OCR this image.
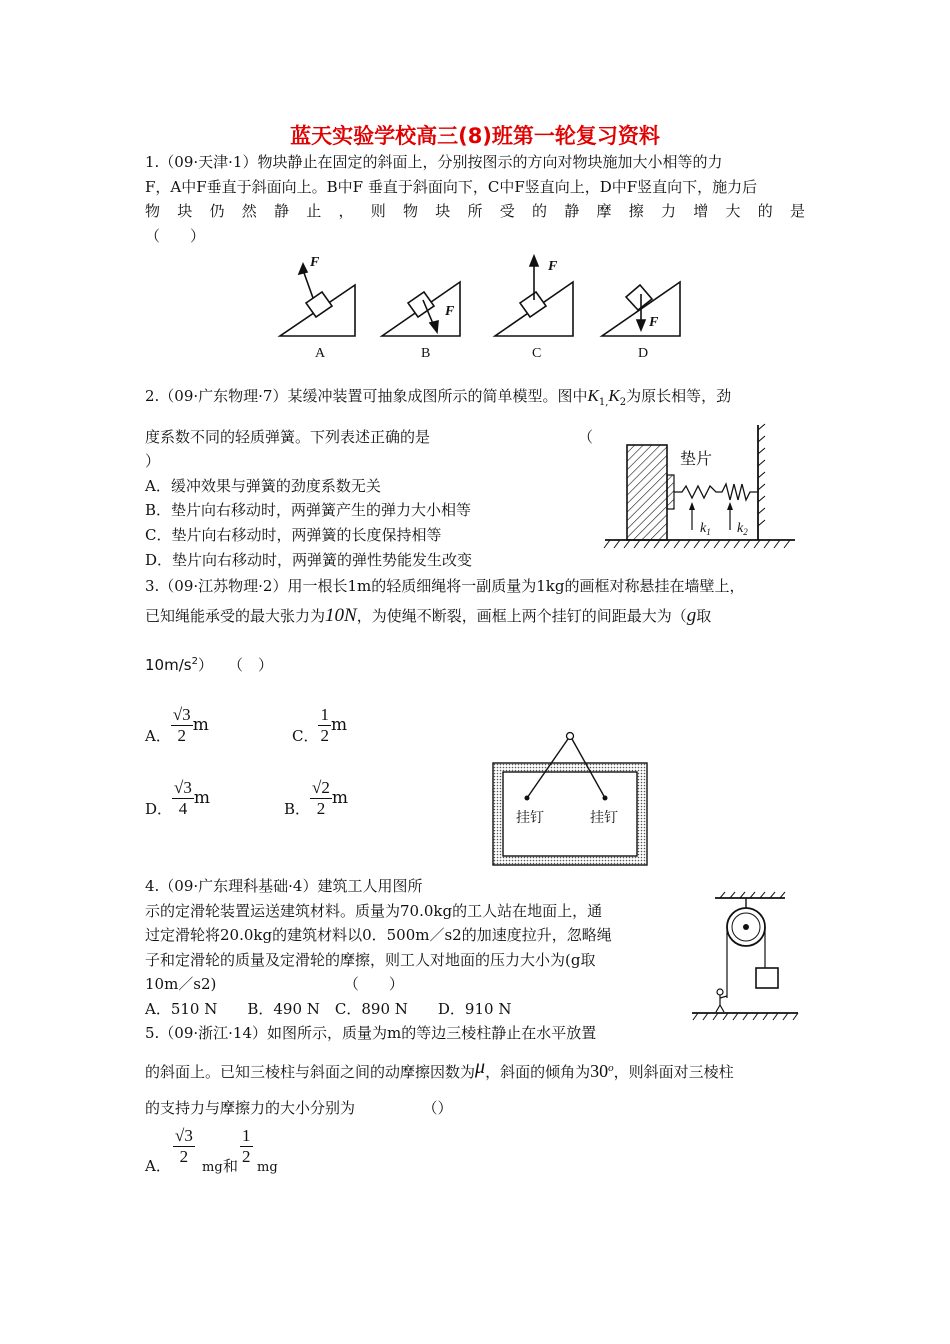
蓝天实验学校高三(8)班第一轮复习资料
1.（09·天津·1）物块静止在固定的斜面上，分别按图示的方向对物块施加大小相等的力
F，A中F垂直于斜面向上。B中F 垂直于斜面向下，C中F竖直向上，D中F竖直向下，施力后
物 块 仍 然 静 止 ， 则 物 块 所 受 的 静 摩 擦 力 增 大 的 是
（　　）
F
F
F
F
A	B	C	D
2.（09·广东物理·7）某缓冲装置可抽象成图所示的简单模型。图中$K_{1,}K_2$为原长相等，劲
度系数不同的轻质弹簧。下列表述正确的是	（
）
A．缓冲效果与弹簧的劲度系数无关
B．垫片向右移动时，两弹簧产生的弹力大小相等
C．垫片向右移动时，两弹簧的长度保持相等
D．垫片向右移动时，两弹簧的弹性势能发生改变
垫片
$k_1$ $k_2$
3.（09·江苏物理·2）用一根长1m的轻质细绳将一副质量为1kg的画框对称悬挂在墙壁上，
已知绳能承受的最大张力为10N，为使绳不断裂，画框上两个挂钉的间距最大为（g取
$10m/s^2$）　　（　）
A． $\frac{√3}{2}$ m
C． $\frac{1}{2}$ m
D． $\frac{√3}{4}$ m
B． $\frac{√2}{2}$ m
挂钉	挂钉
4.（09·广东理科基础·4）建筑工人用图所
示的定滑轮装置运送建筑材料。质量为70.0kg的工人站在地面上，通
过定滑轮将20.0kg的建筑材料以0．500m／s2的加速度拉升，忽略绳
子和定滑轮的质量及定滑轮的摩擦，则工人对地面的压力大小为(g取
10m／s2)　　　　　　　　　（　　）
A．510 N　　B．490 N　C．890 N　　D．910 N
5.（09·浙江·14）如图所示，质量为m的等边三棱柱静止在水平放置
的斜面上。已知三棱柱与斜面之间的动摩擦因数为μ，斜面的倾角为30$^o$，则斜面对三棱柱
的支持力与摩擦力的大小分别为　　　　　（）
A． $\frac{√3}{2}$
mg 和 $\frac{1}{2}$
mg
